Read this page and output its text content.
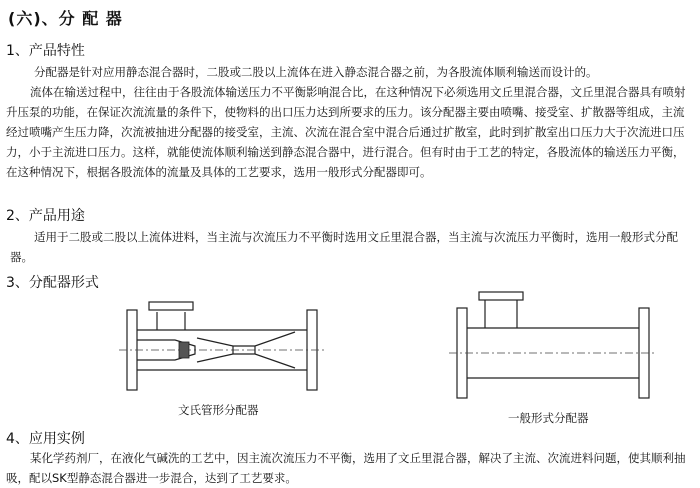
(六)、分 配 器
1、产品特性
分配器是针对应用静态混合器时，二股或二股以上流体在进入静态混合器之前，为各股流体顺利输送而设计的。
流体在输送过程中，往往由于各股流体输送压力不平衡影响混合比，在这种情况下必须选用文丘里混合器，文丘里混合器具有喷射升压泵的功能，在保证次流流量的条件下，使物料的出口压力达到所要求的压力。该分配器主要由喷嘴、接受室、扩散器等组成，主流经过喷嘴产生压力降，次流被抽进分配器的接受室，主流、次流在混合室中混合后通过扩散室，此时到扩散室出口压力大于次流进口压力，小于主流进口压力。这样，就能使流体顺利输送到静态混合器中，进行混合。但有时由于工艺的特定，各股流体的输送压力平衡，在这种情况下，根据各股流体的流量及具体的工艺要求，选用一般形式分配器即可。
2、产品用途
适用于二股或二股以上流体进料，当主流与次流压力不平衡时选用文丘里混合器，当主流与次流压力平衡时，选用一般形式分配器。
3、分配器形式
文氏管形分配器
一般形式分配器
4、应用实例
某化学药剂厂，在液化气碱洗的工艺中，因主流次流压力不平衡，选用了文丘里混合器，解决了主流、次流进料问题，使其顺利抽吸，配以SK型静态混合器进一步混合，达到了工艺要求。
